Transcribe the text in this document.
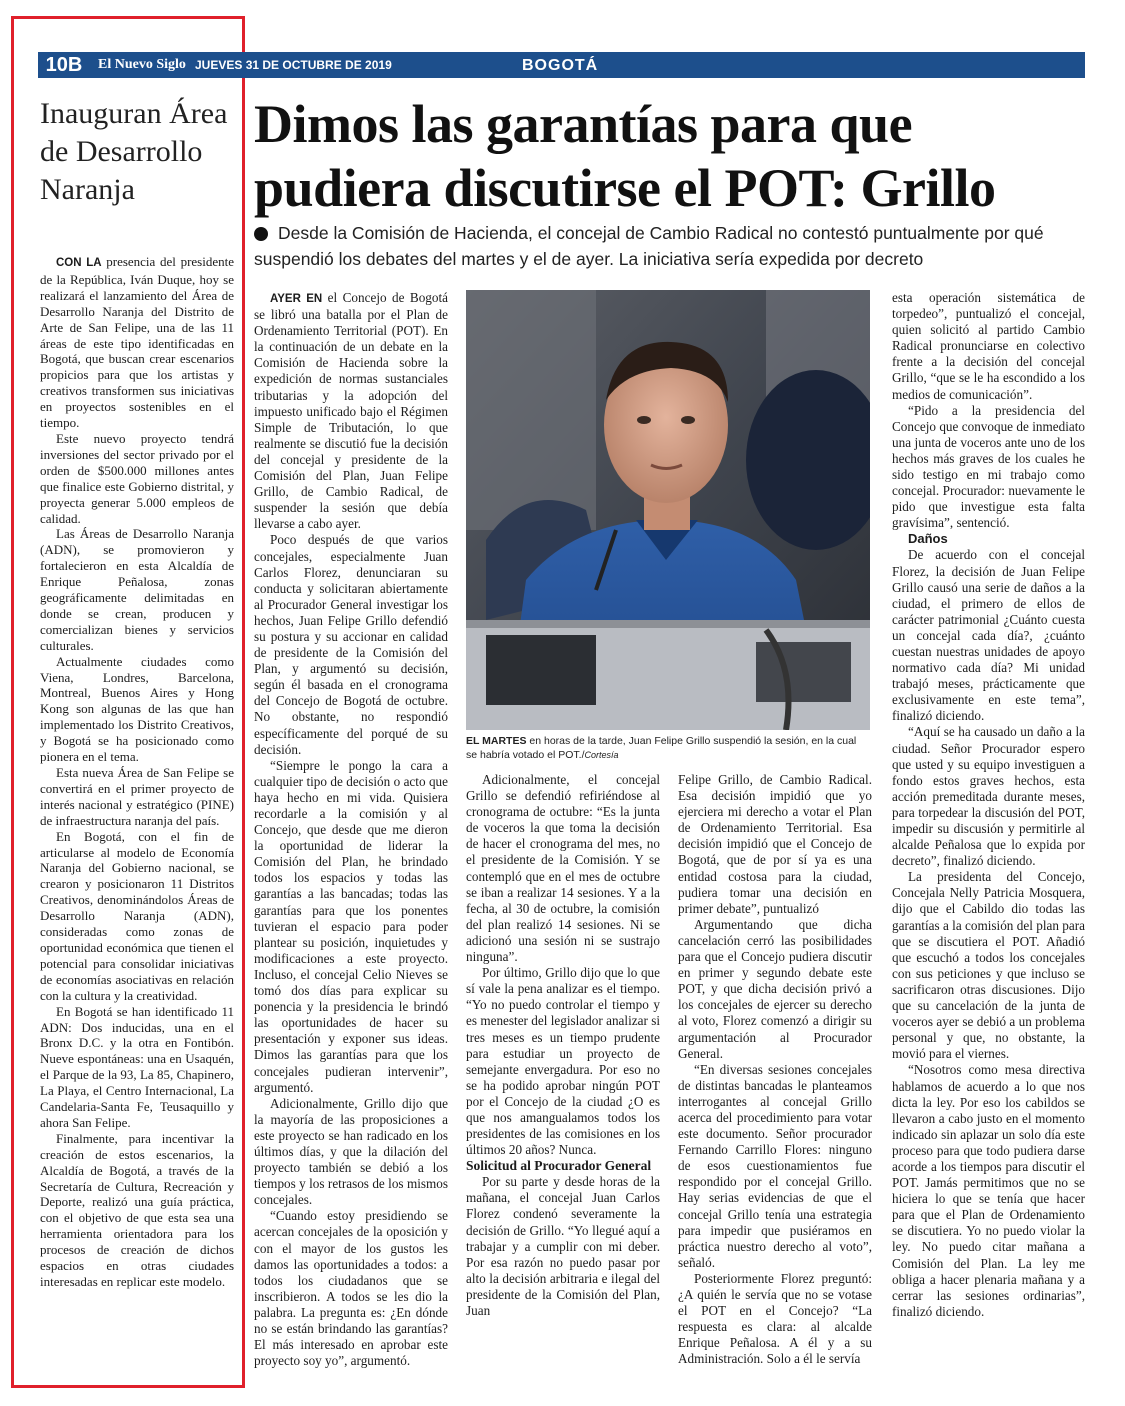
10B	El Nuevo Siglo JUEVES 31 DE OCTUBRE DE 2019	BOGOTÁ
Inauguran Área de Desarrollo Naranja

CON LA presencia del presidente de la República, Iván Duque, hoy se realizará el lanzamiento del Área de Desarrollo Naranja del Distrito de Arte de San Felipe, una de las 11 áreas de este tipo identificadas en Bogotá, que buscan crear escenarios propicios para que los artistas y creativos transformen sus iniciativas en proyectos sostenibles en el tiempo.

Este nuevo proyecto tendrá inversiones del sector privado por el orden de $500.000 millones antes que finalice este Gobierno distrital, y proyecta generar 5.000 empleos de calidad.

Las Áreas de Desarrollo Naranja (ADN), se promovieron y fortalecieron en esta Alcaldía de Enrique Peñalosa, zonas geográficamente delimitadas en donde se crean, producen y comercializan bienes y servicios culturales.

Actualmente ciudades como Viena, Londres, Barcelona, Montreal, Buenos Aires y Hong Kong son algunas de las que han implementado los Distrito Creativos, y Bogotá se ha posicionado como pionera en el tema.

Esta nueva Área de San Felipe se convertirá en el primer proyecto de interés nacional y estratégico (PINE) de infraestructura naranja del país.

En Bogotá, con el fin de articularse al modelo de Economía Naranja del Gobierno nacional, se crearon y posicionaron 11 Distritos Creativos, denominándolos Áreas de Desarrollo Naranja (ADN), consideradas como zonas de oportunidad económica que tienen el potencial para consolidar iniciativas de economías asociativas en relación con la cultura y la creatividad.

En Bogotá se han identificado 11 ADN: Dos inducidas, una en el Bronx D.C. y la otra en Fontibón. Nueve espontáneas: una en Usaquén, el Parque de la 93, La 85, Chapinero, La Playa, el Centro Internacional, La Candelaria-Santa Fe, Teusaquillo y ahora San Felipe.

Finalmente, para incentivar la creación de estos escenarios, la Alcaldía de Bogotá, a través de la Secretaría de Cultura, Recreación y Deporte, realizó una guía práctica, con el objetivo de que esta sea una herramienta orientadora para los procesos de creación de dichos espacios en otras ciudades interesadas en replicar este modelo.

Dimos las garantías para que pudiera discutirse el POT: Grillo
Desde la Comisión de Hacienda, el concejal de Cambio Radical no contestó puntualmente por qué suspendió los debates del martes y el de ayer. La iniciativa sería expedida por decreto
EL MARTES en horas de la tarde, Juan Felipe Grillo suspendió la sesión, en la cual se habría votado el POT./Cortesía

AYER EN el Concejo de Bogotá se libró una batalla por el Plan de Ordenamiento Territorial (POT). En la continuación de un debate en la Comisión de Hacienda sobre la expedición de normas sustanciales tributarias y la adopción del impuesto unificado bajo el Régimen Simple de Tributación, lo que realmente se discutió fue la decisión del concejal y presidente de la Comisión del Plan, Juan Felipe Grillo, de Cambio Radical, de suspender la sesión que debía llevarse a cabo ayer.

Poco después de que varios concejales, especialmente Juan Carlos Florez, denunciaran su conducta y solicitaran abiertamente al Procurador General investigar los hechos, Juan Felipe Grillo defendió su postura y su accionar en calidad de presidente de la Comisión del Plan, y argumentó su decisión, según él basada en el cronograma del Concejo de Bogotá de octubre. No obstante, no respondió específicamente del porqué de su decisión.

“Siempre le pongo la cara a cualquier tipo de decisión o acto que haya hecho en mi vida. Quisiera recordarle a la comisión y al Concejo, que desde que me dieron la oportunidad de liderar la Comisión del Plan, he brindado todos los espacios y todas las garantías a las bancadas; todas las garantías para que los ponentes tuvieran el espacio para poder plantear su posición, inquietudes y modificaciones a este proyecto. Incluso, el concejal Celio Nieves se tomó dos días para explicar su ponencia y la presidencia le brindó las oportunidades de hacer su presentación y exponer sus ideas. Dimos las garantías para que los concejales pudieran intervenir”, argumentó.

Adicionalmente, Grillo dijo que la mayoría de las proposiciones a este proyecto se han radicado en los últimos días, y que la dilación del proyecto también se debió a los tiempos y los retrasos de los mismos concejales.

“Cuando estoy presidiendo se acercan concejales de la oposición y con el mayor de los gustos les damos las oportunidades a todos: a todos los ciudadanos que se inscribieron. A todos se les dio la palabra. La pregunta es: ¿En dónde no se están brindando las garantías? El más interesado en aprobar este proyecto soy yo”, argumentó.

Adicionalmente, el concejal Grillo se defendió refiriéndose al cronograma de octubre: “Es la junta de voceros la que toma la decisión de hacer el cronograma del mes, no el presidente de la Comisión. Y se contempló que en el mes de octubre se iban a realizar 14 sesiones. Y a la fecha, al 30 de octubre, la comisión del plan realizó 14 sesiones. Ni se adicionó una sesión ni se sustrajo ninguna”.

Por último, Grillo dijo que lo que sí vale la pena analizar es el tiempo. “Yo no puedo controlar el tiempo y es menester del legislador analizar si tres meses es un tiempo prudente para estudiar un proyecto de semejante envergadura. Por eso no se ha podido aprobar ningún POT por el Concejo de la ciudad ¿O es que nos amangualamos todos los presidentes de las comisiones en los últimos 20 años? Nunca.

Solicitud al Procurador General

Por su parte y desde horas de la mañana, el concejal Juan Carlos Florez condenó severamente la decisión de Grillo. “Yo llegué aquí a trabajar y a cumplir con mi deber. Por esa razón no puedo pasar por alto la decisión arbitraria e ilegal del presidente de la Comisión del Plan, Juan

Felipe Grillo, de Cambio Radical. Esa decisión impidió que yo ejerciera mi derecho a votar el Plan de Ordenamiento Territorial. Esa decisión impidió que el Concejo de Bogotá, que de por sí ya es una entidad costosa para la ciudad, pudiera tomar una decisión en primer debate”, puntualizó

Argumentando que dicha cancelación cerró las posibilidades para que el Concejo pudiera discutir en primer y segundo debate este POT, y que dicha decisión privó a los concejales de ejercer su derecho al voto, Florez comenzó a dirigir su argumentación al Procurador General.

“En diversas sesiones concejales de distintas bancadas le planteamos interrogantes al concejal Grillo acerca del procedimiento para votar este documento. Señor procurador Fernando Carrillo Flores: ninguno de esos cuestionamientos fue respondido por el concejal Grillo. Hay serias evidencias de que el concejal Grillo tenía una estrategia para impedir que pusiéramos en práctica nuestro derecho al voto”, señaló.

Posteriormente Florez preguntó: ¿A quién le servía que no se votase el POT en el Concejo? “La respuesta es clara: al alcalde Enrique Peñalosa. A él y a su Administración. Solo a él le servía

esta operación sistemática de torpedeo”, puntualizó el concejal, quien solicitó al partido Cambio Radical pronunciarse en colectivo frente a la decisión del concejal Grillo, “que se le ha escondido a los medios de comunicación”.

“Pido a la presidencia del Concejo que convoque de inmediato una junta de voceros ante uno de los hechos más graves de los cuales he sido testigo en mi trabajo como concejal. Procurador: nuevamente le pido que investigue esta falta gravísima”, sentenció.

Daños

De acuerdo con el concejal Florez, la decisión de Juan Felipe Grillo causó una serie de daños a la ciudad, el primero de ellos de carácter patrimonial ¿Cuánto cuesta un concejal cada día?, ¿cuánto cuestan nuestras unidades de apoyo normativo cada día? Mi unidad trabajó meses, prácticamente que exclusivamente en este tema”, finalizó diciendo.

“Aquí se ha causado un daño a la ciudad. Señor Procurador espero que usted y su equipo investiguen a fondo estos graves hechos, esta acción premeditada durante meses, para torpedear la discusión del POT, impedir su discusión y permitirle al alcalde Peñalosa que lo expida por decreto”, finalizó diciendo.

La presidenta del Concejo, Concejala Nelly Patricia Mosquera, dijo que el Cabildo dio todas las garantías a la comisión del plan para que se discutiera el POT. Añadió que escuchó a todos los concejales con sus peticiones y que incluso se sacrificaron otras discusiones. Dijo que su cancelación de la junta de voceros ayer se debió a un problema personal y que, no obstante, la movió para el viernes.

“Nosotros como mesa directiva hablamos de acuerdo a lo que nos dicta la ley. Por eso los cabildos se llevaron a cabo justo en el momento indicado sin aplazar un solo día este proceso para que todo pudiera darse acorde a los tiempos para discutir el POT. Jamás permitimos que no se hiciera lo que se tenía que hacer para que el Plan de Ordenamiento se discutiera. Yo no puedo violar la ley. No puedo citar mañana a Comisión del Plan. La ley me obliga a hacer plenaria mañana y a cerrar las sesiones ordinarias”, finalizó diciendo.
